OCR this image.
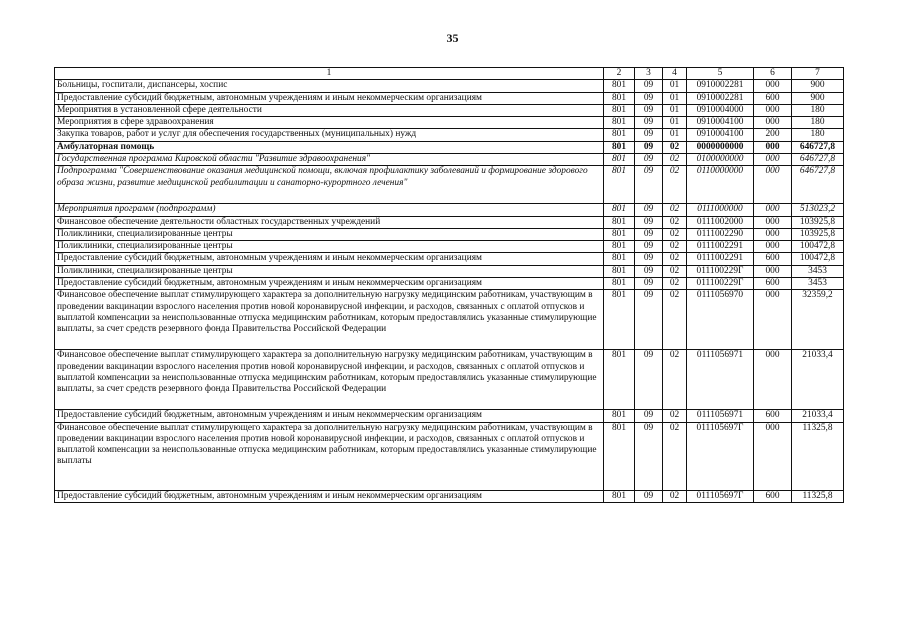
35
1	2	3	4	5	6	7
Больницы, госпитали, диспансеры, хоспис	801	09	01	0910002281	000	900
Предоставление субсидий бюджетным, автономным учреждениям и иным некоммерческим организациям	801	09	01	0910002281	600	900
Мероприятия в установленной сфере деятельности	801	09	01	0910004000	000	180
Мероприятия в сфере здравоохранения	801	09	01	0910004100	000	180
Закупка товаров, работ и услуг для обеспечения государственных (муниципальных) нужд	801	09	01	0910004100	200	180
Амбулаторная помощь	801	09	02	0000000000	000	646727,8
Государственная программа Кировской области "Развитие здравоохранения"	801	09	02	0100000000	000	646727,8
Подпрограмма "Совершенствование оказания медицинской помощи, включая профилактику заболеваний и формирование здорового образа жизни, развитие медицинской реабилитации и санаторно-курортного лечения"	801	09	02	0110000000	000	646727,8
Мероприятия программ (подпрограмм)	801	09	02	0111000000	000	513023,2
Финансовое обеспечение деятельности областных государственных учреждений	801	09	02	0111002000	000	103925,8
Поликлиники, специализированные центры	801	09	02	0111002290	000	103925,8
Поликлиники, специализированные центры	801	09	02	0111002291	000	100472,8
Предоставление субсидий бюджетным, автономным учреждениям и иным некоммерческим организациям	801	09	02	0111002291	600	100472,8
Поликлиники, специализированные центры	801	09	02	011100229Г	000	3453
Предоставление субсидий бюджетным, автономным учреждениям и иным некоммерческим организациям	801	09	02	011100229Г	600	3453
Финансовое обеспечение выплат стимулирующего характера за дополнительную нагрузку медицинским работникам, участвующим в проведении вакцинации взрослого населения против новой коронавирусной инфекции, и расходов, связанных с оплатой отпусков и выплатой компенсации за неиспользованные отпуска медицинским работникам, которым предоставлялись указанные стимулирующие выплаты, за счет средств резервного фонда Правительства Российской Федерации	801	09	02	0111056970	000	32359,2
Финансовое обеспечение выплат стимулирующего характера за дополнительную нагрузку медицинским работникам, участвующим в проведении вакцинации взрослого населения против новой коронавирусной инфекции, и расходов, связанных с оплатой отпусков и выплатой компенсации за неиспользованные отпуска медицинским работникам, которым предоставлялись указанные стимулирующие выплаты, за счет средств резервного фонда Правительства Российской Федерации	801	09	02	0111056971	000	21033,4
Предоставление субсидий бюджетным, автономным учреждениям и иным некоммерческим организациям	801	09	02	0111056971	600	21033,4
Финансовое обеспечение выплат стимулирующего характера за дополнительную нагрузку медицинским работникам, участвующим в проведении вакцинации взрослого населения против новой коронавирусной инфекции, и расходов, связанных с оплатой отпусков и выплатой компенсации за неиспользованные отпуска медицинским работникам, которым предоставлялись указанные стимулирующие выплаты	801	09	02	011105697Г	000	11325,8
Предоставление субсидий бюджетным, автономным учреждениям и иным некоммерческим организациям	801	09	02	011105697Г	600	11325,8
